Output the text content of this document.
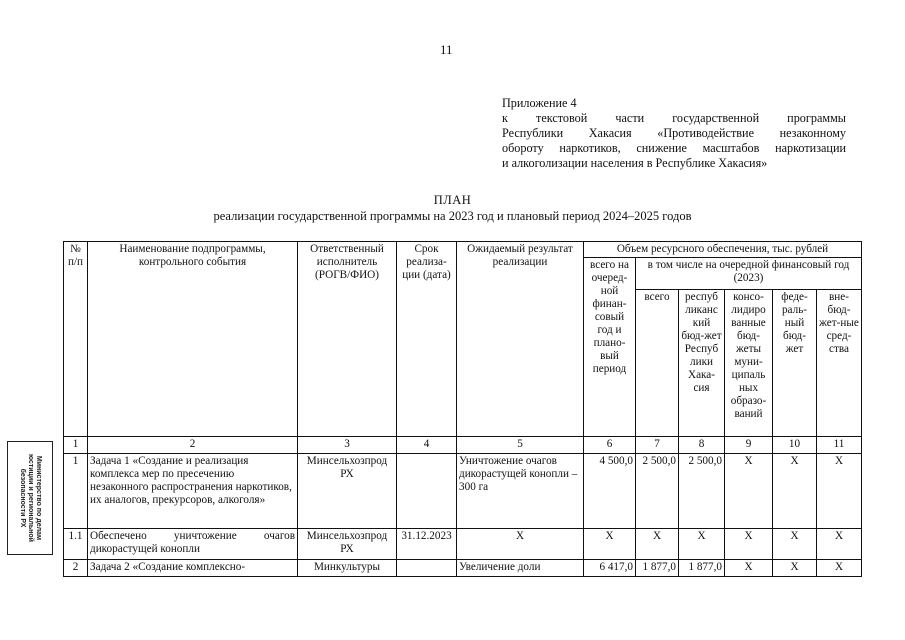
11
Приложение 4
к текстовой части государственной программы
Республики Хакасия «Противодействие незаконному
обороту наркотиков, снижение масштабов наркотизации
и алкоголизации населения в Республике Хакасия»
ПЛАН
реализации государственной программы на 2023 год и плановый период 2024–2025 годов
№ п/п	Наименование подпрограммы, контрольного события	Ответственный исполнитель (РОГВ/ФИО)	Срок реализа-ции (дата)	Ожидаемый результат реализации	Объем ресурсного обеспечения, тыс. рублей					
					всего на очеред-ной финан-совый год и плано-вый период	в том числе на очередной финансовый год (2023)				
						всего	респуб ликанс кий бюд-жет Респуб лики Хака-сия	консо-лидиро ванные бюд-жеты муни-ципаль ных образо-ваний	феде-раль-ный бюд-жет	вне-бюд-жет-ные сред-ства
1	2	3	4	5	6	7	8	9	10	11
1	Задача 1 «Создание и реализация комплекса мер по пресечению незаконного распространения наркотиков, их аналогов, прекурсоров, алкоголя»	Минсельхозпрод РХ		Уничтожение очагов дикорастущей конопли – 300 га	4 500,0	2 500,0	2 500,0	X	X	X
1.1	Обеспечено уничтожение очагов дикорастущей конопли	Минсельхозпрод РХ	31.12.2023	X	X	X	X	X	X	X
2	Задача 2 «Создание комплексно-	Минкультуры		Увеличение доли	6 417,0	1 877,0	1 877,0	X	X	X
Министерство по делам
юстиции и региональной
безопасности РХ
